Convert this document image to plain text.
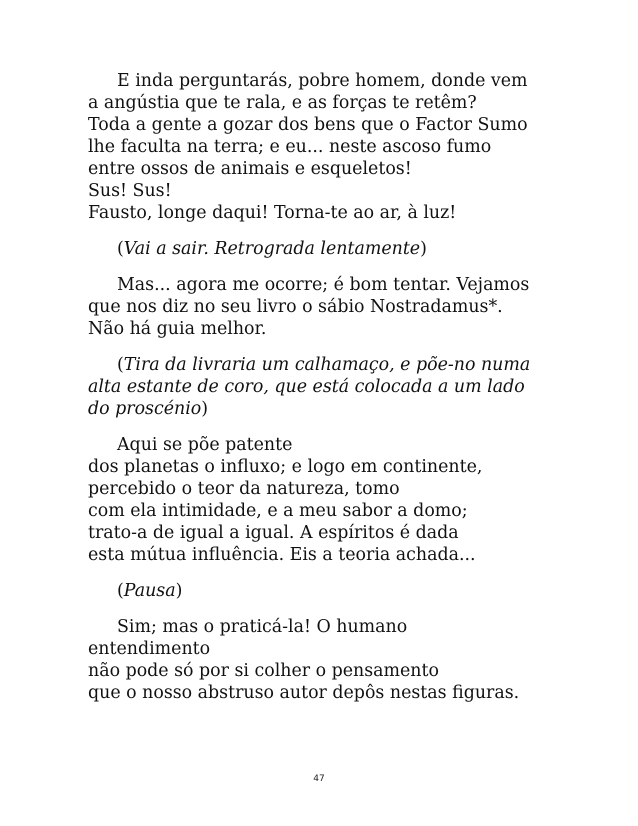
E inda perguntarás, pobre homem, donde vem
a angústia que te rala, e as forças te retêm?
Toda a gente a gozar dos bens que o Factor Sumo
lhe faculta na terra; e eu... neste ascoso fumo
entre ossos de animais e esqueletos!
Sus! Sus!
Fausto, longe daqui! Torna-te ao ar, à luz!
(Vai a sair. Retrograda lentamente)
Mas... agora me ocorre; é bom tentar. Vejamos
que nos diz no seu livro o sábio Nostradamus*.
Não há guia melhor.
(Tira da livraria um calhamaço, e põe-no numa
alta estante de coro, que está colocada a um lado
do proscénio)
Aqui se põe patente
dos planetas o influxo; e logo em continente,
percebido o teor da natureza, tomo
com ela intimidade, e a meu sabor a domo;
trato-a de igual a igual. A espíritos é dada
esta mútua influência. Eis a teoria achada...
(Pausa)
Sim; mas o praticá-la! O humano
entendimento
não pode só por si colher o pensamento
que o nosso abstruso autor depôs nestas figuras.
47
